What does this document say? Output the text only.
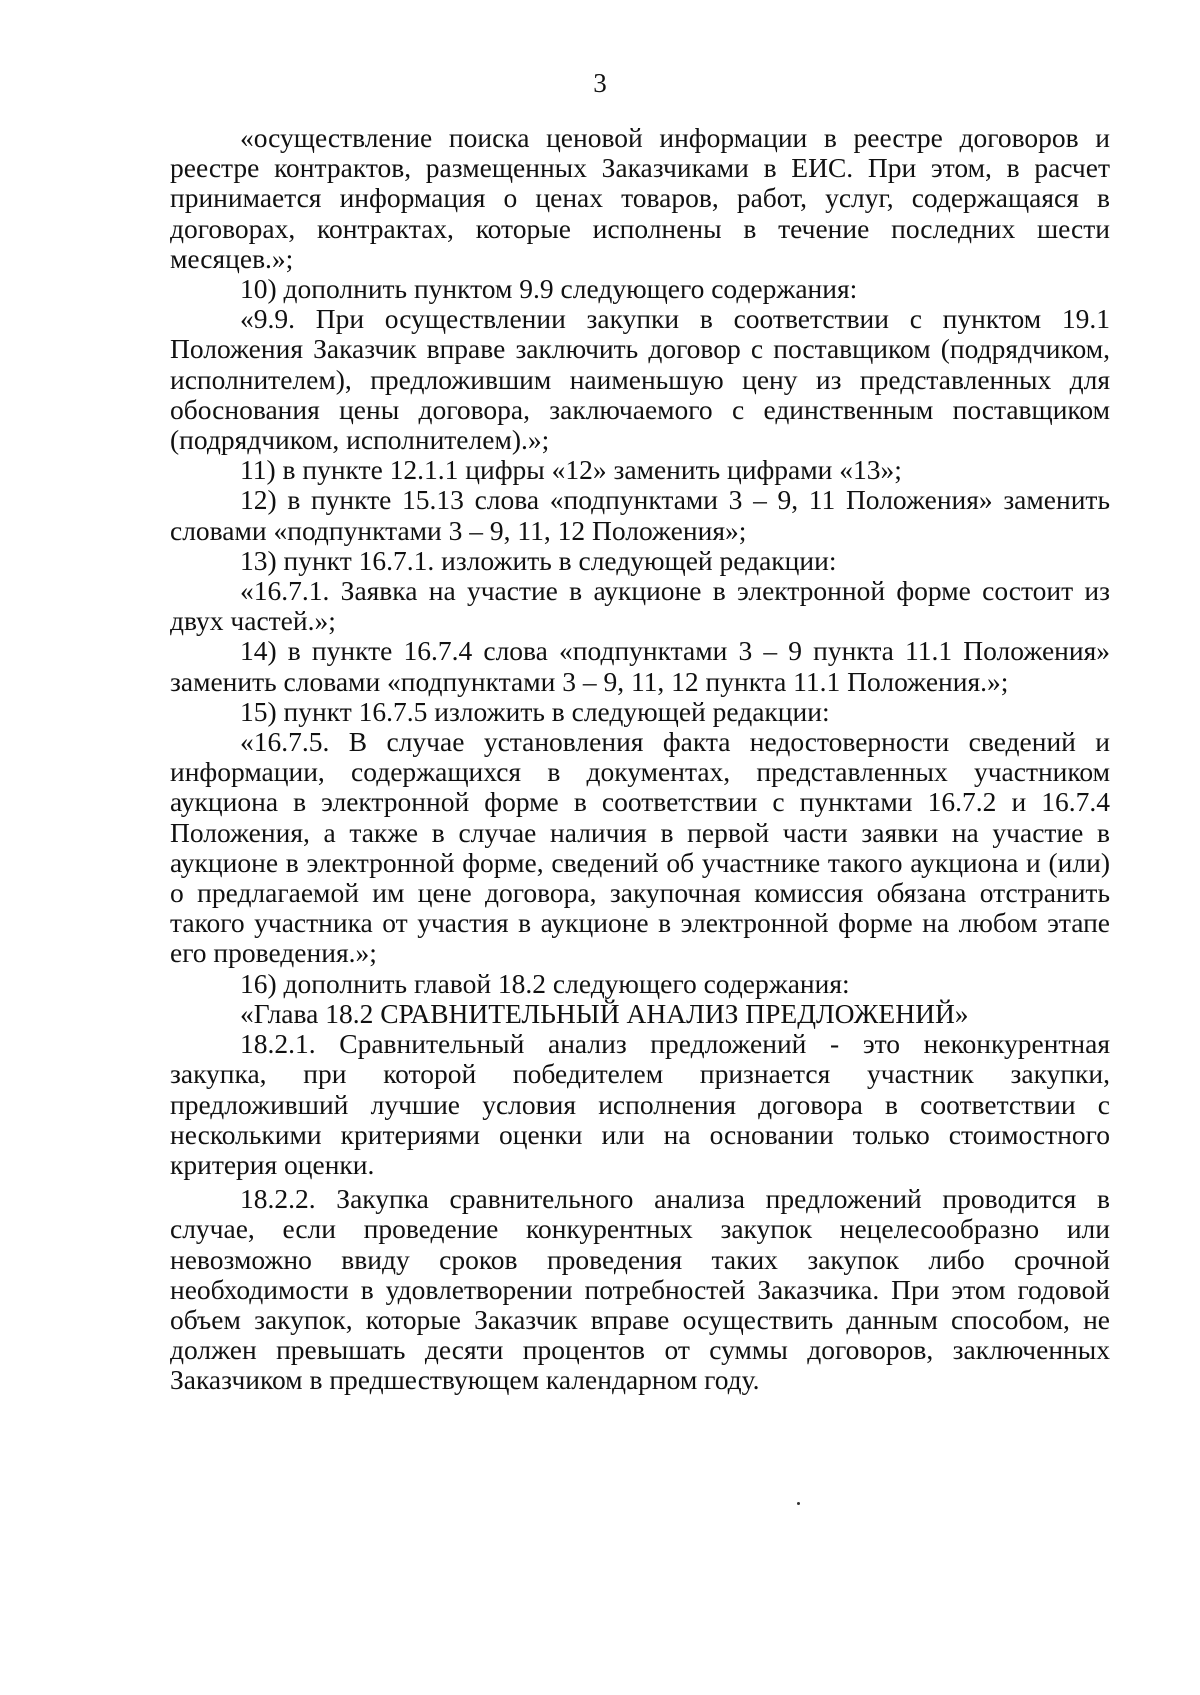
3

«осуществление поиска ценовой информации в реестре договоров и реестре контрактов, размещенных Заказчиками в ЕИС. При этом, в расчет принимается информация о ценах товаров, работ, услуг, содержащаяся в договорах, контрактах, которые исполнены в течение последних шести месяцев.»;

10) дополнить пунктом 9.9 следующего содержания:

«9.9. При осуществлении закупки в соответствии с пунктом 19.1 Положения Заказчик вправе заключить договор с поставщиком (подрядчиком, исполнителем), предложившим наименьшую цену из представленных для обоснования цены договора, заключаемого с единственным поставщиком (подрядчиком, исполнителем).»;

11) в пункте 12.1.1 цифры «12» заменить цифрами «13»;

12) в пункте 15.13 слова «подпунктами 3 – 9, 11 Положения» заменить словами «подпунктами 3 – 9, 11, 12 Положения»;

13) пункт 16.7.1. изложить в следующей редакции:

«16.7.1. Заявка на участие в аукционе в электронной форме состоит из двух частей.»;

14) в пункте 16.7.4 слова «подпунктами 3 – 9 пункта 11.1 Положения» заменить словами «подпунктами 3 – 9, 11, 12 пункта 11.1 Положения.»;

15) пункт 16.7.5 изложить в следующей редакции:

«16.7.5. В случае установления факта недостоверности сведений и информации, содержащихся в документах, представленных участником аукциона в электронной форме в соответствии с пунктами 16.7.2 и 16.7.4 Положения, а также в случае наличия в первой части заявки на участие в аукционе в электронной форме, сведений об участнике такого аукциона и (или) о предлагаемой им цене договора, закупочная комиссия обязана отстранить такого участника от участия в аукционе в электронной форме на любом этапе его проведения.»;

16) дополнить главой 18.2 следующего содержания:

«Глава 18.2 СРАВНИТЕЛЬНЫЙ АНАЛИЗ ПРЕДЛОЖЕНИЙ»

18.2.1. Сравнительный анализ предложений - это неконкурентная закупка, при которой победителем признается участник закупки, предложивший лучшие условия исполнения договора в соответствии с несколькими критериями оценки или на основании только стоимостного критерия оценки.

18.2.2. Закупка сравнительного анализа предложений проводится в случае, если проведение конкурентных закупок нецелесообразно или невозможно ввиду сроков проведения таких закупок либо срочной необходимости в удовлетворении потребностей Заказчика. При этом годовой объем закупок, которые Заказчик вправе осуществить данным способом, не должен превышать десяти процентов от суммы договоров, заключенных Заказчиком в предшествующем календарном году.
